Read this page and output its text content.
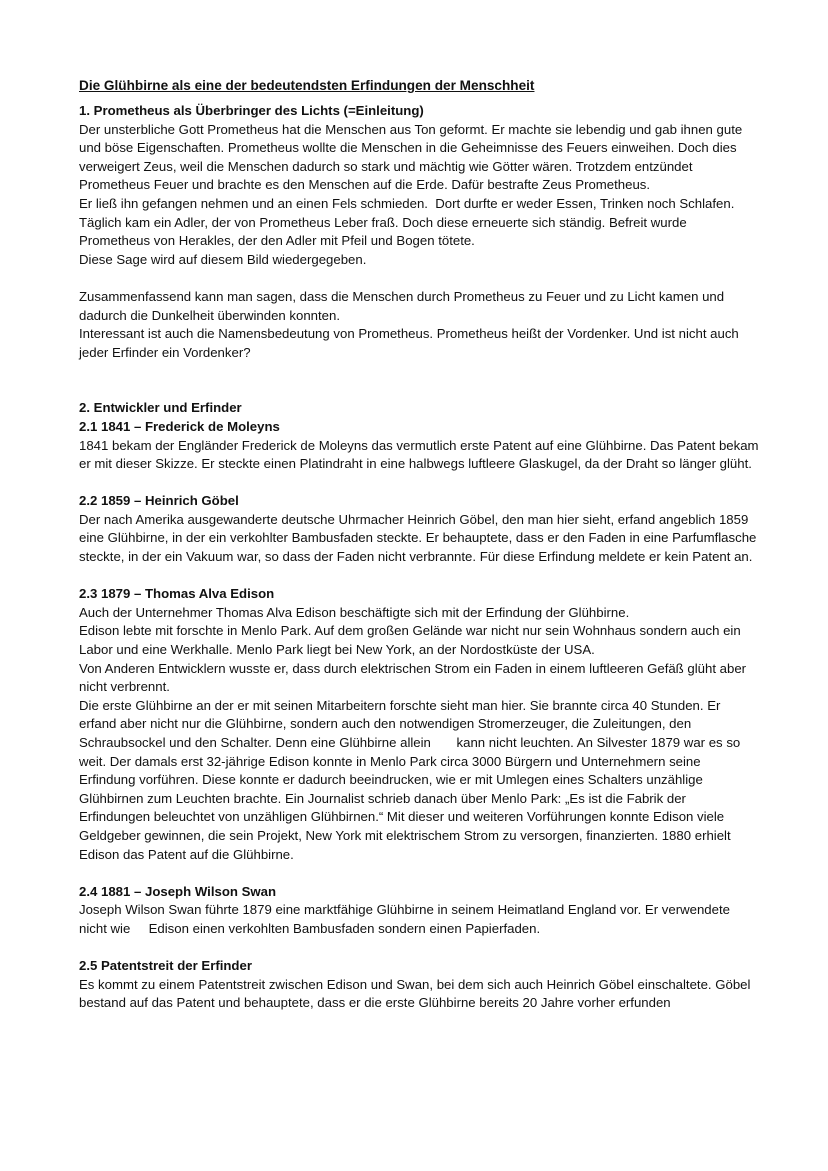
Die Glühbirne als eine der bedeutendsten Erfindungen der Menschheit
1. Prometheus als Überbringer des Lichts (=Einleitung)

Der unsterbliche Gott Prometheus hat die Menschen aus Ton geformt. Er machte sie lebendig und gab ihnen gute und böse Eigenschaften. Prometheus wollte die Menschen in die Geheimnisse des Feuers einweihen. Doch dies verweigert Zeus, weil die Menschen dadurch so stark und mächtig wie Götter wären. Trotzdem entzündet Prometheus Feuer und brachte es den Menschen auf die Erde. Dafür bestrafte Zeus Prometheus.

Er ließ ihn gefangen nehmen und an einen Fels schmieden.  Dort durfte er weder Essen, Trinken noch Schlafen. Täglich kam ein Adler, der von Prometheus Leber fraß. Doch diese erneuerte sich ständig. Befreit wurde Prometheus von Herakles, der den Adler mit Pfeil und Bogen tötete.

Diese Sage wird auf diesem Bild wiedergegeben.

Zusammenfassend kann man sagen, dass die Menschen durch Prometheus zu Feuer und zu Licht kamen und dadurch die Dunkelheit überwinden konnten.

Interessant ist auch die Namensbedeutung von Prometheus. Prometheus heißt der Vordenker. Und ist nicht auch jeder Erfinder ein Vordenker?

2. Entwickler und Erfinder
2.1 1841 – Frederick de Moleyns

1841 bekam der Engländer Frederick de Moleyns das vermutlich erste Patent auf eine Glühbirne. Das Patent bekam er mit dieser Skizze. Er steckte einen Platindraht in eine halbwegs luftleere Glaskugel, da der Draht so länger glüht.

2.2 1859 – Heinrich Göbel

Der nach Amerika ausgewanderte deutsche Uhrmacher Heinrich Göbel, den man hier sieht, erfand angeblich 1859 eine Glühbirne, in der ein verkohlter Bambusfaden steckte. Er behauptete, dass er den Faden in eine Parfumflasche steckte, in der ein Vakuum war, so dass der Faden nicht verbrannte. Für diese Erfindung meldete er kein Patent an.

2.3 1879 – Thomas Alva Edison

Auch der Unternehmer Thomas Alva Edison beschäftigte sich mit der Erfindung der Glühbirne.

Edison lebte mit forschte in Menlo Park. Auf dem großen Gelände war nicht nur sein Wohnhaus sondern auch ein Labor und eine Werkhalle. Menlo Park liegt bei New York, an der Nordostküste der USA.

Von Anderen Entwicklern wusste er, dass durch elektrischen Strom ein Faden in einem luftleeren Gefäß glüht aber nicht verbrennt.

Die erste Glühbirne an der er mit seinen Mitarbeitern forschte sieht man hier. Sie brannte circa 40 Stunden. Er erfand aber nicht nur die Glühbirne, sondern auch den notwendigen Stromerzeuger, die Zuleitungen, den Schraubsockel und den Schalter. Denn eine Glühbirne allein       kann nicht leuchten. An Silvester 1879 war es so weit. Der damals erst 32-jährige Edison konnte in Menlo Park circa 3000 Bürgern und Unternehmern seine Erfindung vorführen. Diese konnte er dadurch beeindrucken, wie er mit Umlegen eines Schalters unzählige Glühbirnen zum Leuchten brachte. Ein Journalist schrieb danach über Menlo Park: „Es ist die Fabrik der Erfindungen beleuchtet von unzähligen Glühbirnen.“ Mit dieser und weiteren Vorführungen konnte Edison viele Geldgeber gewinnen, die sein Projekt, New York mit elektrischem Strom zu versorgen, finanzierten. 1880 erhielt Edison das Patent auf die Glühbirne.

2.4 1881 – Joseph Wilson Swan

Joseph Wilson Swan führte 1879 eine marktfähige Glühbirne in seinem Heimatland England vor. Er verwendete nicht wie     Edison einen verkohlten Bambusfaden sondern einen Papierfaden.

2.5 Patentstreit der Erfinder

Es kommt zu einem Patentstreit zwischen Edison und Swan, bei dem sich auch Heinrich Göbel einschaltete. Göbel bestand auf das Patent und behauptete, dass er die erste Glühbirne bereits 20 Jahre vorher erfunden
